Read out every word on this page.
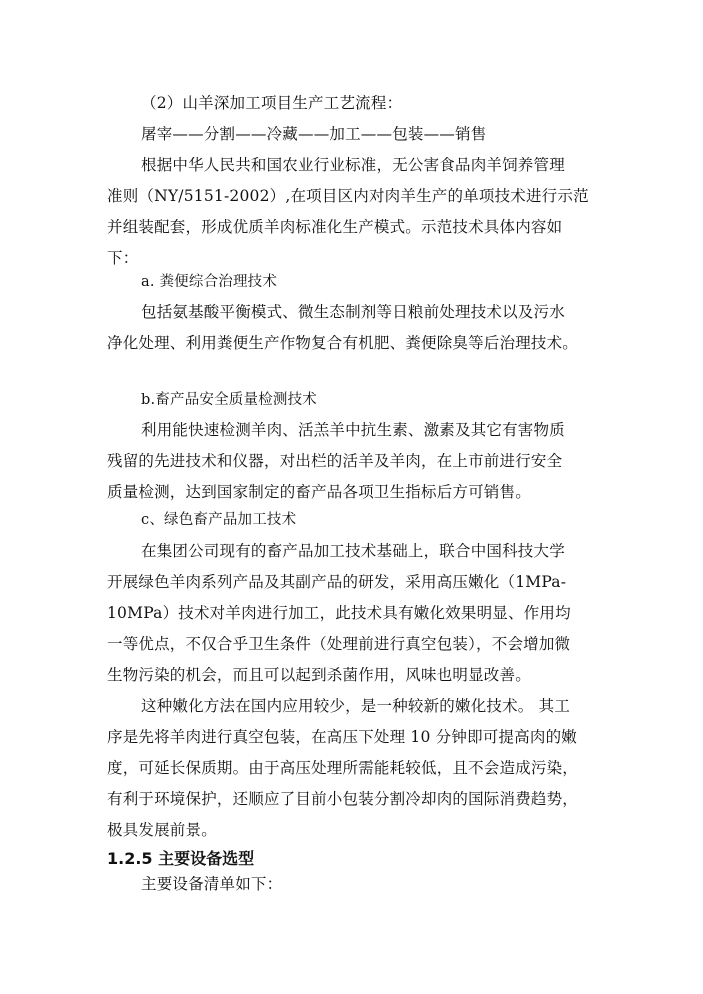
（2）山羊深加工项目生产工艺流程：
屠宰——分割——冷藏——加工——包装——销售
根据中华人民共和国农业行业标准，无公害食品肉羊饲养管理
准则（NY/5151-2002）,在项目区内对肉羊生产的单项技术进行示范
并组装配套，形成优质羊肉标准化生产模式。示范技术具体内容如
下：
a. 粪便综合治理技术
包括氨基酸平衡模式、微生态制剂等日粮前处理技术以及污水
净化处理、利用粪便生产作物复合有机肥、粪便除臭等后治理技术。
b.畜产品安全质量检测技术
利用能快速检测羊肉、活羔羊中抗生素、激素及其它有害物质
残留的先进技术和仪器，对出栏的活羊及羊肉，在上市前进行安全
质量检测，达到国家制定的畜产品各项卫生指标后方可销售。
c、绿色畜产品加工技术
在集团公司现有的畜产品加工技术基础上，联合中国科技大学
开展绿色羊肉系列产品及其副产品的研发，采用高压嫩化（1MPa-
10MPa）技术对羊肉进行加工，此技术具有嫩化效果明显、作用均
一等优点，不仅合乎卫生条件（处理前进行真空包装），不会增加微
生物污染的机会，而且可以起到杀菌作用，风味也明显改善。
这种嫩化方法在国内应用较少，是一种较新的嫩化技术。 其工
序是先将羊肉进行真空包装，在高压下处理 10 分钟即可提高肉的嫩
度，可延长保质期。由于高压处理所需能耗较低，且不会造成污染，
有利于环境保护，还顺应了目前小包装分割冷却肉的国际消费趋势，
极具发展前景。
1.2.5 主要设备选型
主要设备清单如下：
